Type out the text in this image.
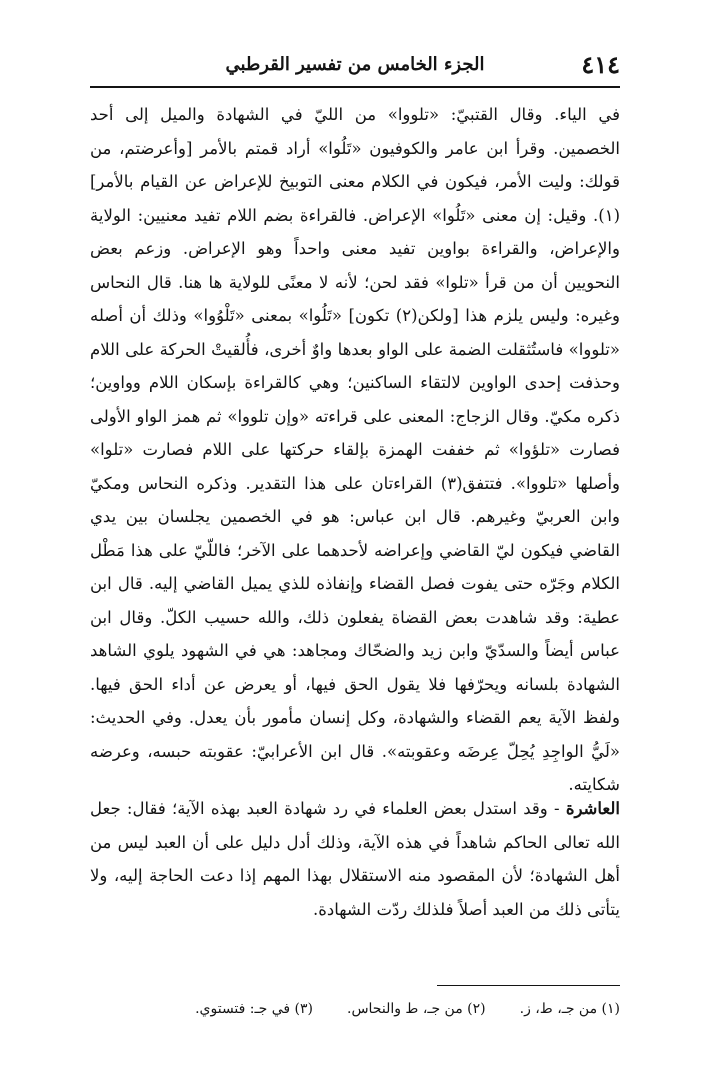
٤١٤
الجزء الخامس من تفسير القرطبي

في الياء. وقال القتبيّ: «تلووا» من الليّ في الشهادة والميل إلى أحد الخصمين. وقرأ ابن عامر والكوفيون «تَلُوا» أراد قمتم بالأمر [وأعرضتم، من قولك: وليت الأمر، فيكون في الكلام معنى التوبيخ للإعراض عن القيام بالأمر](١). وقيل: إن معنى «تَلُوا» الإعراض. فالقراءة بضم اللام تفيد معنيين: الولاية والإعراض، والقراءة بواوين تفيد معنى واحداً وهو الإعراض. وزعم بعض النحويين أن من قرأ «تلوا» فقد لحن؛ لأنه لا معنًى للولاية ها هنا. قال النحاس وغيره: وليس يلزم هذا [ولكن(٢) تكون] «تَلُوا» بمعنى «تَلْوُوا» وذلك أن أصله «تلووا» فاستُثقلت الضمة على الواو بعدها واوٌ أخرى، فأُلقيتْ الحركة على اللام وحذفت إحدى الواوين لالتقاء الساكنين؛ وهي كالقراءة بإسكان اللام وواوين؛ ذكره مكيّ. وقال الزجاج: المعنى على قراءته «وإن تلووا» ثم همز الواو الأولى فصارت «تلؤوا» ثم خففت الهمزة بإلقاء حركتها على اللام فصارت «تلوا» وأصلها «تلووا». فتتفق(٣) القراءتان على هذا التقدير. وذكره النحاس ومكيّ وابن العربيّ وغيرهم. قال ابن عباس: هو في الخصمين يجلسان بين يدي القاضي فيكون ليّ القاضي وإعراضه لأحدهما على الآخر؛ فاللّيّ على هذا مَطْل الكلام وجَرّه حتى يفوت فصل القضاء وإنفاذه للذي يميل القاضي إليه. قال ابن عطية: وقد شاهدت بعض القضاة يفعلون ذلك، والله حسيب الكلّ. وقال ابن عباس أيضاً والسدّيّ وابن زيد والضحّاك ومجاهد: هي في الشهود يلوي الشاهد الشهادة بلسانه ويحرّفها فلا يقول الحق فيها، أو يعرض عن أداء الحق فيها. ولفظ الآية يعم القضاء والشهادة، وكل إنسان مأمور بأن يعدل. وفي الحديث: «لَيُّ الواجِدِ يُحِلّ عِرضَه وعقوبته». قال ابن الأعرابيّ: عقوبته حبسه، وعرضه شكايته.

العاشرة - وقد استدل بعض العلماء في رد شهادة العبد بهذه الآية؛ فقال: جعل الله تعالى الحاكم شاهداً في هذه الآية، وذلك أدل دليل على أن العبد ليس من أهل الشهادة؛ لأن المقصود منه الاستقلال بهذا المهم إذا دعت الحاجة إليه، ولا يتأتى ذلك من العبد أصلاً فلذلك ردّت الشهادة.

(١) من جـ، ط، ز.
(٢) من جـ، ط والنحاس.
(٣) في جـ: فتستوي.
